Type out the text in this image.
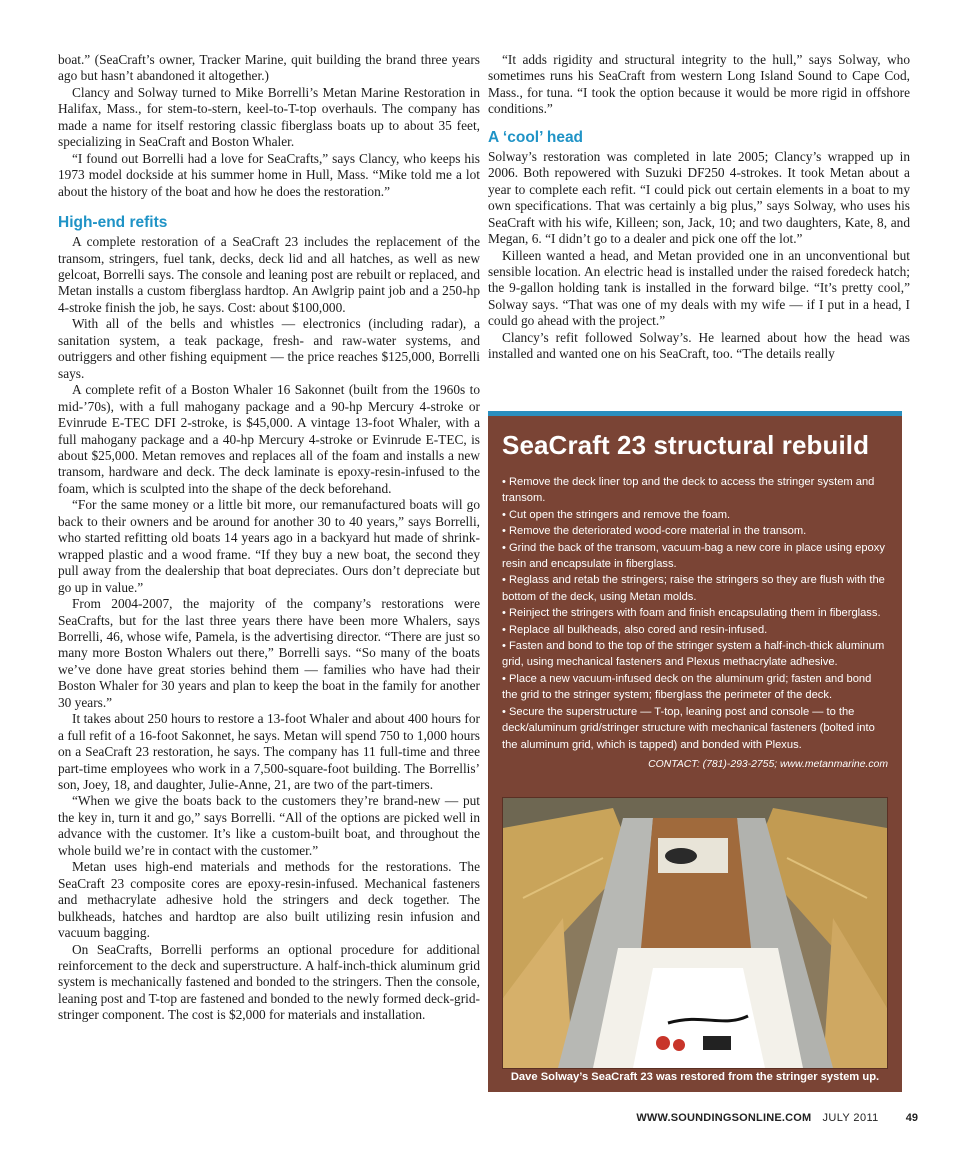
boat.” (SeaCraft’s owner, Tracker Marine, quit building the brand three years ago but hasn’t abandoned it altogether.)

Clancy and Solway turned to Mike Borrelli’s Metan Marine Restoration in Halifax, Mass., for stem-to-stern, keel-to-T-top overhauls. The company has made a name for itself restoring classic fiberglass boats up to about 35 feet, specializing in SeaCraft and Boston Whaler.

“I found out Borrelli had a love for SeaCrafts,” says Clancy, who keeps his 1973 model dockside at his summer home in Hull, Mass. “Mike told me a lot about the history of the boat and how he does the restoration.”

High-end refits

A complete restoration of a SeaCraft 23 includes the replacement of the transom, stringers, fuel tank, decks, deck lid and all hatches, as well as new gelcoat, Borrelli says. The console and leaning post are rebuilt or replaced, and Metan installs a custom fiberglass hardtop. An Awlgrip paint job and a 250-hp 4-stroke finish the job, he says. Cost: about $100,000.

With all of the bells and whistles — electronics (including radar), a sanitation system, a teak package, fresh- and raw-water systems, and outriggers and other fishing equipment — the price reaches $125,000, Borrelli says.

A complete refit of a Boston Whaler 16 Sakonnet (built from the 1960s to mid-’70s), with a full mahogany package and a 90-hp Mercury 4-stroke or Evinrude E-TEC DFI 2-stroke, is $45,000. A vintage 13-foot Whaler, with a full mahogany package and a 40-hp Mercury 4-stroke or Evinrude E-TEC, is about $25,000. Metan removes and replaces all of the foam and installs a new transom, hardware and deck. The deck laminate is epoxy-resin-infused to the foam, which is sculpted into the shape of the deck beforehand.

“For the same money or a little bit more, our remanufactured boats will go back to their owners and be around for another 30 to 40 years,” says Borrelli, who started refitting old boats 14 years ago in a backyard hut made of shrink-wrapped plastic and a wood frame. “If they buy a new boat, the second they pull away from the dealership that boat depreciates. Ours don’t depreciate but go up in value.”

From 2004-2007, the majority of the company’s restorations were SeaCrafts, but for the last three years there have been more Whalers, says Borrelli, 46, whose wife, Pamela, is the advertising director. “There are just so many more Boston Whalers out there,” Borrelli says. “So many of the boats we’ve done have great stories behind them — families who have had their Boston Whaler for 30 years and plan to keep the boat in the family for another 30 years.”

It takes about 250 hours to restore a 13-foot Whaler and about 400 hours for a full refit of a 16-foot Sakonnet, he says. Metan will spend 750 to 1,000 hours on a SeaCraft 23 restoration, he says. The company has 11 full-time and three part-time employees who work in a 7,500-square-foot building. The Borrellis’ son, Joey, 18, and daughter, Julie-Anne, 21, are two of the part-timers.

“When we give the boats back to the customers they’re brand-new — put the key in, turn it and go,” says Borrelli. “All of the options are picked well in advance with the customer. It’s like a custom-built boat, and throughout the whole build we’re in contact with the customer.”

Metan uses high-end materials and methods for the restorations. The SeaCraft 23 composite cores are epoxy-resin-infused. Mechanical fasteners and methacrylate adhesive hold the stringers and deck together. The bulkheads, hatches and hardtop are also built utilizing resin infusion and vacuum bagging.

On SeaCrafts, Borrelli performs an optional procedure for additional reinforcement to the deck and superstructure. A half-inch-thick aluminum grid system is mechanically fastened and bonded to the stringers. Then the console, leaning post and T-top are fastened and bonded to the newly formed deck-grid-stringer component. The cost is $2,000 for materials and installation.

“It adds rigidity and structural integrity to the hull,” says Solway, who sometimes runs his SeaCraft from western Long Island Sound to Cape Cod, Mass., for tuna. “I took the option because it would be more rigid in offshore conditions.”

A ‘cool’ head

Solway’s restoration was completed in late 2005; Clancy’s wrapped up in 2006. Both repowered with Suzuki DF250 4-strokes. It took Metan about a year to complete each refit. “I could pick out certain elements in a boat to my own specifications. That was certainly a big plus,” says Solway, who uses his SeaCraft with his wife, Killeen; son, Jack, 10; and two daughters, Kate, 8, and Megan, 6. “I didn’t go to a dealer and pick one off the lot.”

Killeen wanted a head, and Metan provided one in an unconventional but sensible location. An electric head is installed under the raised foredeck hatch; the 9-gallon holding tank is installed in the forward bilge. “It’s pretty cool,” Solway says. “That was one of my deals with my wife — if I put in a head, I could go ahead with the project.”

Clancy’s refit followed Solway’s. He learned about how the head was installed and wanted one on his SeaCraft, too. “The details really

SeaCraft 23 structural rebuild
• Remove the deck liner top and the deck to access the stringer system and transom.
• Cut open the stringers and remove the foam.
• Remove the deteriorated wood-core material in the transom.
• Grind the back of the transom, vacuum-bag a new core in place using epoxy resin and encapsulate in fiberglass.
• Reglass and retab the stringers; raise the stringers so they are flush with the bottom of the deck, using Metan molds.
• Reinject the stringers with foam and finish encapsulating them in fiberglass.
• Replace all bulkheads, also cored and resin-infused.
• Fasten and bond to the top of the stringer system a half-inch-thick aluminum grid, using mechanical fasteners and Plexus methacrylate adhesive.
• Place a new vacuum-infused deck on the aluminum grid; fasten and bond the grid to the stringer system; fiberglass the perimeter of the deck.
• Secure the superstructure — T-top, leaning post and console — to the deck/aluminum grid/stringer structure with mechanical fasteners (bolted into the aluminum grid, which is tapped) and bonded with Plexus.
CONTACT: (781)-293-2755; www.metanmarine.com
Dave Solway’s SeaCraft 23 was restored from the stringer system up.
WWW.SOUNDINGSONLINE.COM JULY 2011 49
